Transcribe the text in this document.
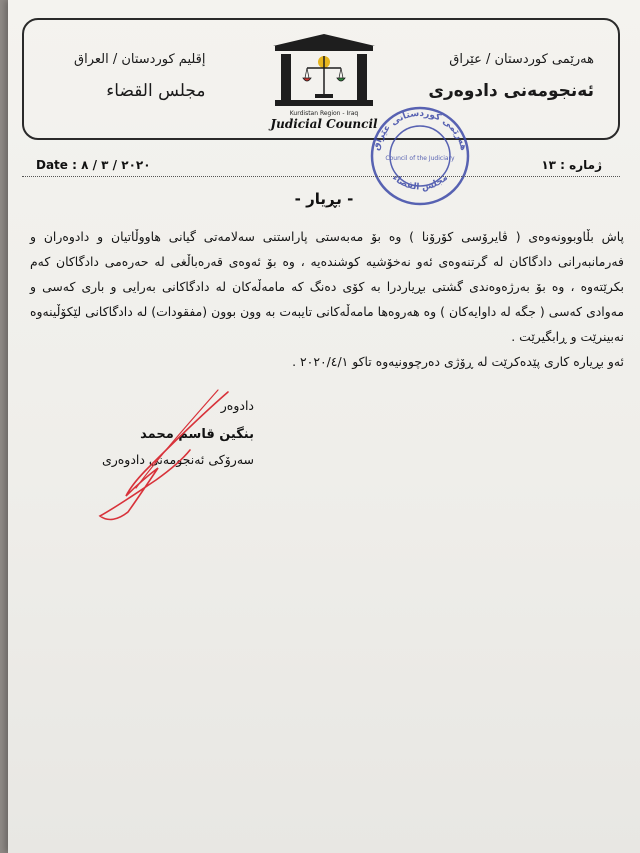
هەرێمی کوردستان / عێراق
ئەنجومەنی دادوەری
Kurdistan Region - Iraq
Judicial Council
إقليم كوردستان / العراق
مجلس القضاء
هەرێمی کوردستانی عێراق
مجلس القضاء
Council of the Judiciary	ژمارە : ١٣
Date : ٢٠٢٠ / ٣ / ٨
- بڕیار -

پاش بڵاوبوونەوەی ( ڤایرۆسی كۆرۆنا ) وە بۆ مەبەستی پاراستنی سەلامەتی گیانی هاووڵاتیان و دادوەران و فەرمانبەرانی دادگاکان لە گرتنەوەی ئەو نەخۆشیە کوشندەیە ، وە بۆ ئەوەی قەرەباڵغی لە حەرەمی دادگاکان کەم بکرێتەوە ، وە بۆ بەرژەوەندی گشتی بڕیاردرا بە کۆی دەنگ کە مامەڵەکان لە دادگاکانی بەرایی و باری کەسی و مەوادی کەسی ( جگە لە داوایەکان ) وە هەروەها مامەڵەکانی تایبەت بە وون بوون (مفقودات) لە دادگاکانی لێکۆڵینەوە نەبینرێت و ڕابگیرێت .

ئەو بڕیارە کاری پێدەکرێت لە ڕۆژی دەرچوونیەوە تاکو ٢٠٢٠/٤/١ .

دادوەر
بنگین قاسم محمد
سەرۆکی ئەنجومەنی دادوەری
